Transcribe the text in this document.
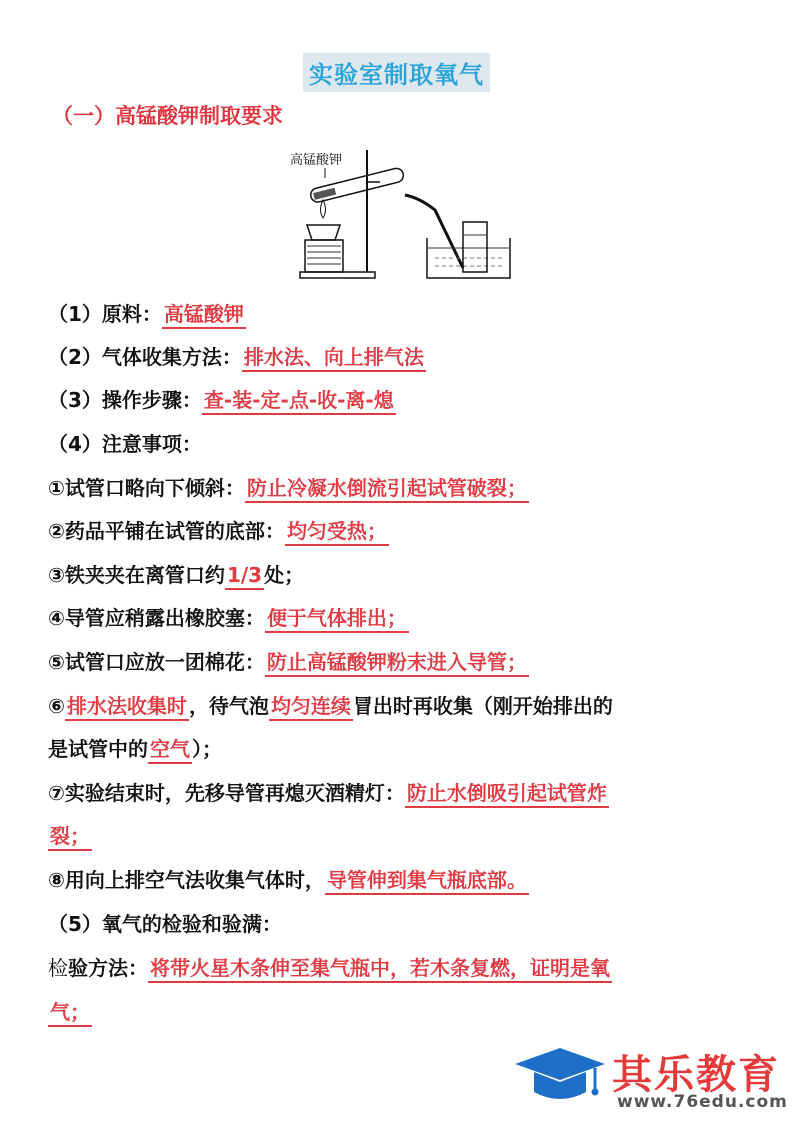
实验室制取氧气
（一）高锰酸钾制取要求
高锰酸钾
（1）原料： 高锰酸钾
（2）气体收集方法： 排水法、向上排气法
（3）操作步骤： 查-装-定-点-收-离-熄
（4）注意事项：
①试管口略向下倾斜： 防止冷凝水倒流引起试管破裂；
②药品平铺在试管的底部： 均匀受热；
③铁夹夹在离管口约 1/3 处；
④导管应稍露出橡胶塞： 便于气体排出；
⑤试管口应放一团棉花： 防止高锰酸钾粉末进入导管；
⑥ 排水法收集时 ，待气泡 均匀连续 冒出时再收集（刚开始排出的
是试管中的 空气 ）；
⑦实验结束时，先移导管再熄灭酒精灯： 防止水倒吸引起试管炸
裂；
⑧用向上排空气法收集气体时， 导管伸到集气瓶底部。
（5）氧气的检验和验满：
检验方法： 将带火星木条伸至集气瓶中，若木条复燃，证明是氧
气；
其乐教育
www.76edu.com
